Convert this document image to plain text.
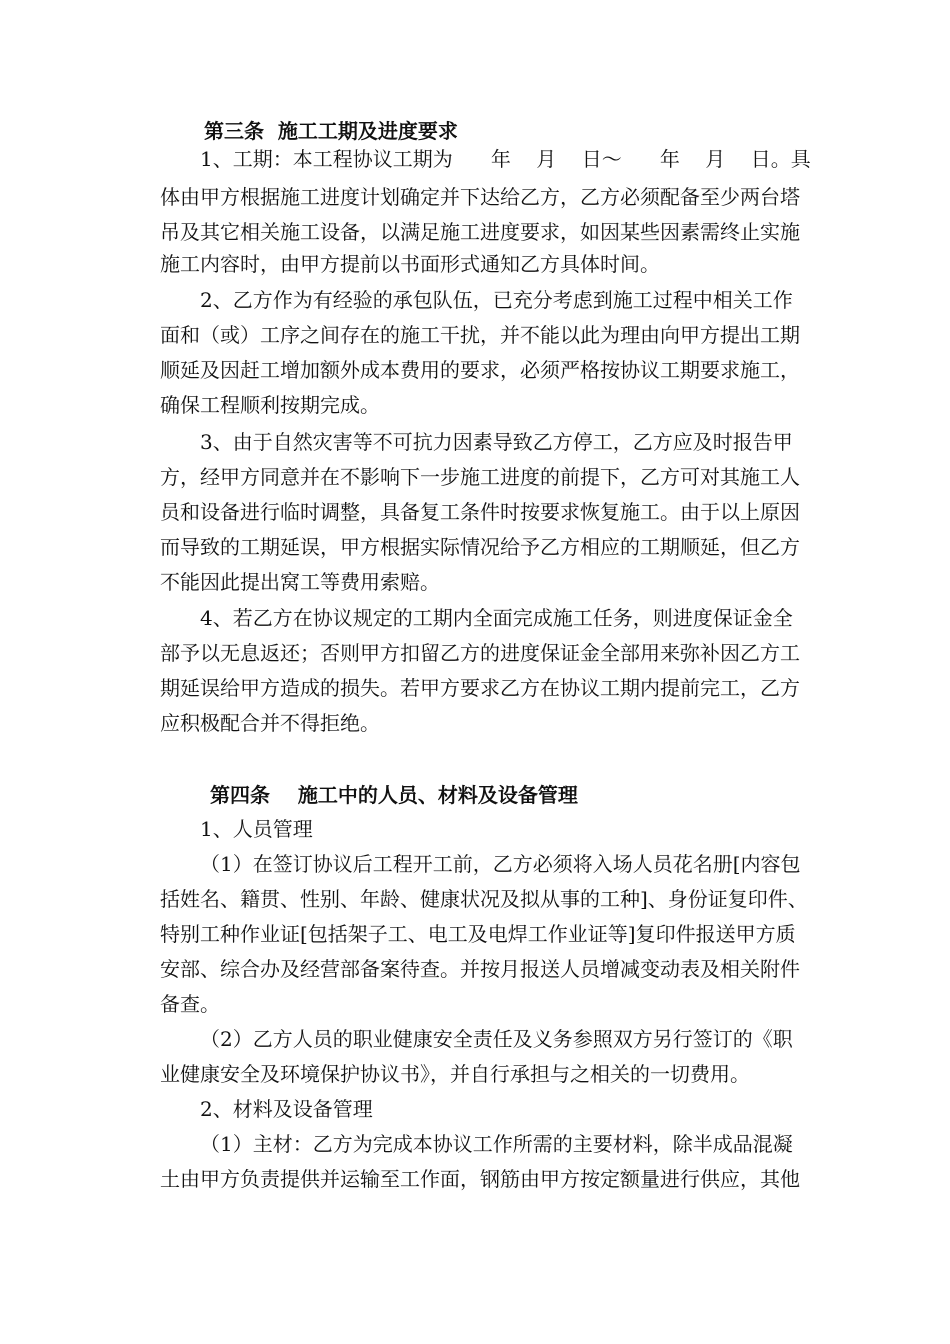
第三条  施工工期及进度要求
1、工期：本工程协议工期为      年    月    日～      年    月    日。具
体由甲方根据施工进度计划确定并下达给乙方，乙方必须配备至少两台塔
吊及其它相关施工设备，以满足施工进度要求，如因某些因素需终止实施
施工内容时，由甲方提前以书面形式通知乙方具体时间。
2、乙方作为有经验的承包队伍，已充分考虑到施工过程中相关工作
面和（或）工序之间存在的施工干扰，并不能以此为理由向甲方提出工期
顺延及因赶工增加额外成本费用的要求，必须严格按协议工期要求施工，
确保工程顺利按期完成。
3、由于自然灾害等不可抗力因素导致乙方停工，乙方应及时报告甲
方，经甲方同意并在不影响下一步施工进度的前提下，乙方可对其施工人
员和设备进行临时调整，具备复工条件时按要求恢复施工。由于以上原因
而导致的工期延误，甲方根据实际情况给予乙方相应的工期顺延，但乙方
不能因此提出窝工等费用索赔。
4、若乙方在协议规定的工期内全面完成施工任务，则进度保证金全
部予以无息返还；否则甲方扣留乙方的进度保证金全部用来弥补因乙方工
期延误给甲方造成的损失。若甲方要求乙方在协议工期内提前完工，乙方
应积极配合并不得拒绝。
第四条    施工中的人员、材料及设备管理
1、人员管理
（1）在签订协议后工程开工前，乙方必须将入场人员花名册[内容包
括姓名、籍贯、性别、年龄、健康状况及拟从事的工种]、身份证复印件、
特别工种作业证[包括架子工、电工及电焊工作业证等]复印件报送甲方质
安部、综合办及经营部备案待查。并按月报送人员增减变动表及相关附件
备查。
（2）乙方人员的职业健康安全责任及义务参照双方另行签订的《职
业健康安全及环境保护协议书》，并自行承担与之相关的一切费用。
2、材料及设备管理
（1）主材：乙方为完成本协议工作所需的主要材料，除半成品混凝
土由甲方负责提供并运输至工作面，钢筋由甲方按定额量进行供应，其他
